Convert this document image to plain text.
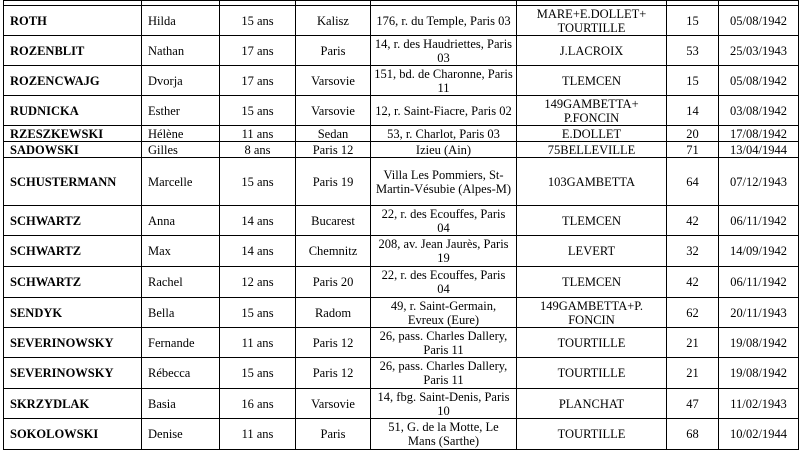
ROTH	Hilda	15 ans	Kalisz	176, r. du Temple, Paris 03	MARE+E.DOLLET+ TOURTILLE	15	05/08/1942
ROZENBLIT	Nathan	17 ans	Paris	14, r. des Haudriettes, Paris 03	J.LACROIX	53	25/03/1943
ROZENCWAJG	Dvorja	17 ans	Varsovie	151, bd. de Charonne, Paris 11	TLEMCEN	15	05/08/1942
RUDNICKA	Esther	15 ans	Varsovie	12, r. Saint-Fiacre, Paris 02	149GAMBETTA+ P.FONCIN	14	03/08/1942
RZESZKEWSKI	Hélène	11 ans	Sedan	53, r. Charlot, Paris 03	E.DOLLET	20	17/08/1942
SADOWSKI	Gilles	8 ans	Paris 12	Izieu (Ain)	75BELLEVILLE	71	13/04/1944
SCHUSTERMANN	Marcelle	15 ans	Paris 19	Villa Les Pommiers, St-Martin-Vésubie (Alpes-M)	103GAMBETTA	64	07/12/1943
SCHWARTZ	Anna	14 ans	Bucarest	22, r. des Ecouffes, Paris 04	TLEMCEN	42	06/11/1942
SCHWARTZ	Max	14 ans	Chemnitz	208, av. Jean Jaurès, Paris 19	LEVERT	32	14/09/1942
SCHWARTZ	Rachel	12 ans	Paris 20	22, r. des Ecouffes, Paris 04	TLEMCEN	42	06/11/1942
SENDYK	Bella	15 ans	Radom	49, r. Saint-Germain, Evreux (Eure)	149GAMBETTA+P. FONCIN	62	20/11/1943
SEVERINOWSKY	Fernande	11 ans	Paris 12	26, pass. Charles Dallery, Paris 11	TOURTILLE	21	19/08/1942
SEVERINOWSKY	Rébecca	15 ans	Paris 12	26, pass. Charles Dallery, Paris 11	TOURTILLE	21	19/08/1942
SKRZYDLAK	Basia	16 ans	Varsovie	14, fbg. Saint-Denis, Paris 10	PLANCHAT	47	11/02/1943
SOKOLOWSKI	Denise	11 ans	Paris	51, G. de la Motte, Le Mans (Sarthe)	TOURTILLE	68	10/02/1944
